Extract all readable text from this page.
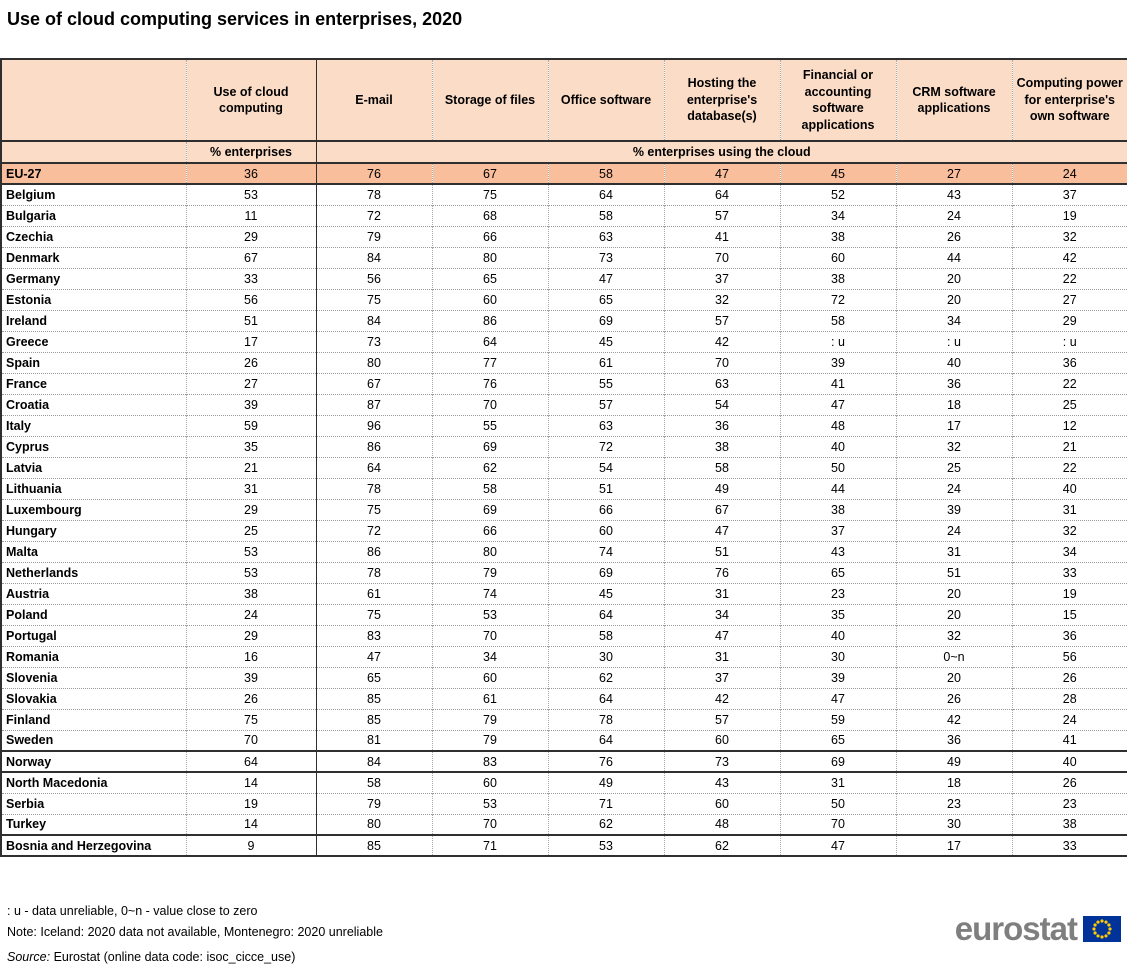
Use of cloud computing services in enterprises, 2020
	Use of cloud computing	E-mail	Storage of files	Office software	Hosting the enterprise's database(s)	Financial or accounting software applications	CRM software applications	Computing power for enterprise's own software
	% enterprises	% enterprises using the cloud						
EU-27	36	76	67	58	47	45	27	24
Belgium	53	78	75	64	64	52	43	37
Bulgaria	11	72	68	58	57	34	24	19
Czechia	29	79	66	63	41	38	26	32
Denmark	67	84	80	73	70	60	44	42
Germany	33	56	65	47	37	38	20	22
Estonia	56	75	60	65	32	72	20	27
Ireland	51	84	86	69	57	58	34	29
Greece	17	73	64	45	42	: u	: u	: u
Spain	26	80	77	61	70	39	40	36
France	27	67	76	55	63	41	36	22
Croatia	39	87	70	57	54	47	18	25
Italy	59	96	55	63	36	48	17	12
Cyprus	35	86	69	72	38	40	32	21
Latvia	21	64	62	54	58	50	25	22
Lithuania	31	78	58	51	49	44	24	40
Luxembourg	29	75	69	66	67	38	39	31
Hungary	25	72	66	60	47	37	24	32
Malta	53	86	80	74	51	43	31	34
Netherlands	53	78	79	69	76	65	51	33
Austria	38	61	74	45	31	23	20	19
Poland	24	75	53	64	34	35	20	15
Portugal	29	83	70	58	47	40	32	36
Romania	16	47	34	30	31	30	0~n	56
Slovenia	39	65	60	62	37	39	20	26
Slovakia	26	85	61	64	42	47	26	28
Finland	75	85	79	78	57	59	42	24
Sweden	70	81	79	64	60	65	36	41
Norway	64	84	83	76	73	69	49	40
North Macedonia	14	58	60	49	43	31	18	26
Serbia	19	79	53	71	60	50	23	23
Turkey	14	80	70	62	48	70	30	38
Bosnia and Herzegovina	9	85	71	53	62	47	17	33
: u - data unreliable, 0~n - value close to zero
Note: Iceland: 2020 data not available, Montenegro: 2020 unreliable
Source: Eurostat (online data code: isoc_cicce_use)
eurostat
